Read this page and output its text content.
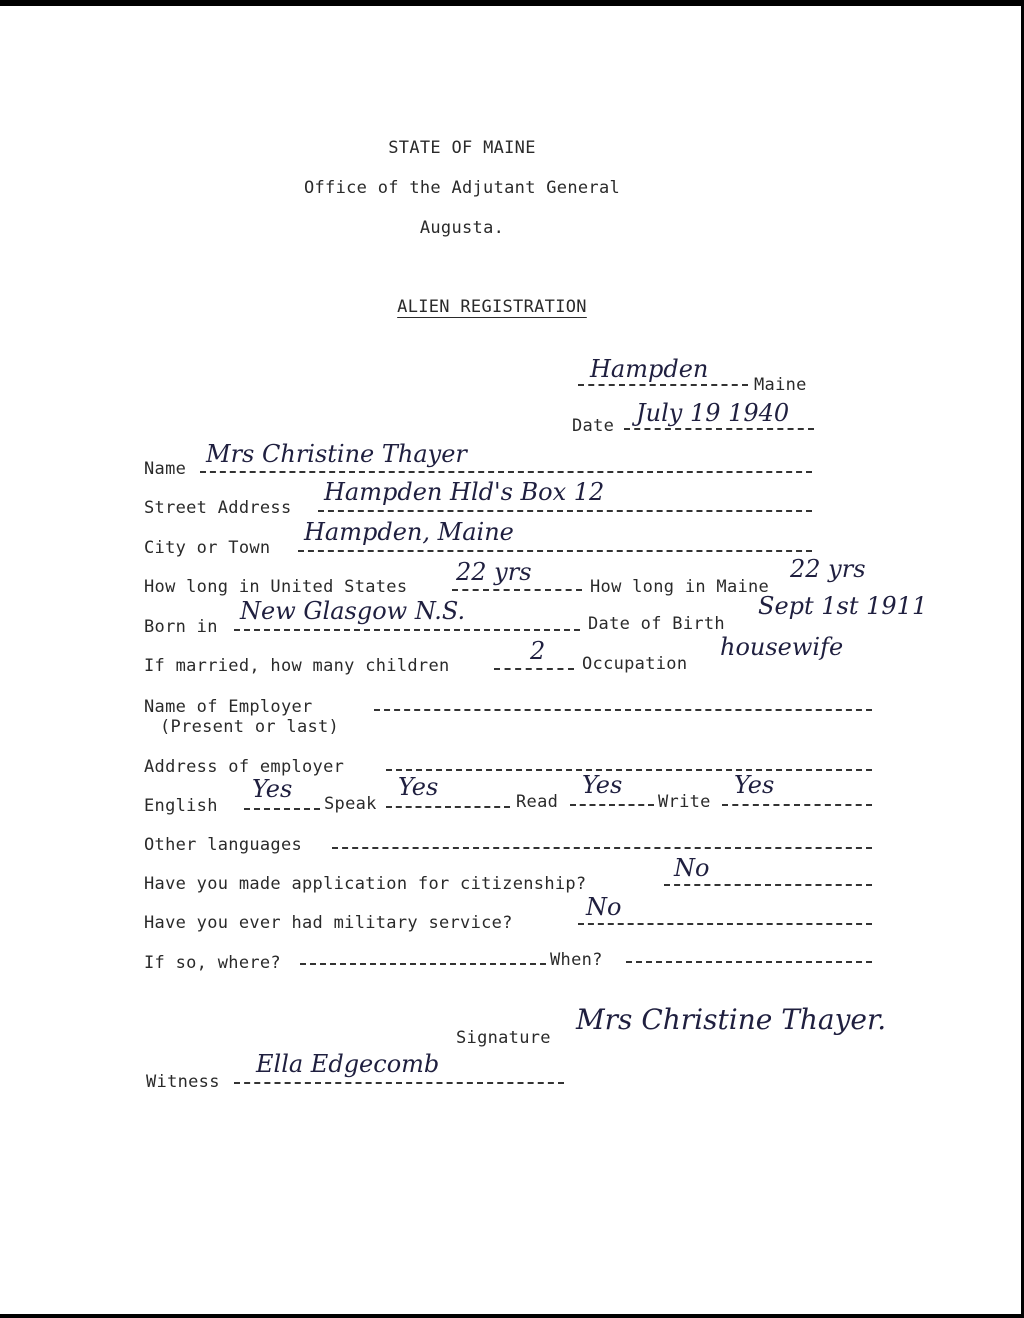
STATE OF MAINE
Office of the Adjutant General
Augusta.
ALIEN REGISTRATION
Hampden
Maine
Date July 19 1940
Name
Mrs Christine Thayer
Street Address
Hampden Hld's Box 12
City or Town
Hampden, Maine
How long in United States
22 yrs
How long in Maine
22 yrs
Born in
New Glasgow N.S.	Date of Birth
Sept 1st 1911
If married, how many children
2 Occupation
housewife
Name of Employer
(Present or last)
Address of employer
English
Yes
Speak
Yes
Read
Yes
Write
Yes
Other languages
Have you made application for citizenship?
No
Have you ever had military service?
No
If so, where?	When?
Signature
Mrs Christine Thayer.
Witness
Ella Edgecomb
